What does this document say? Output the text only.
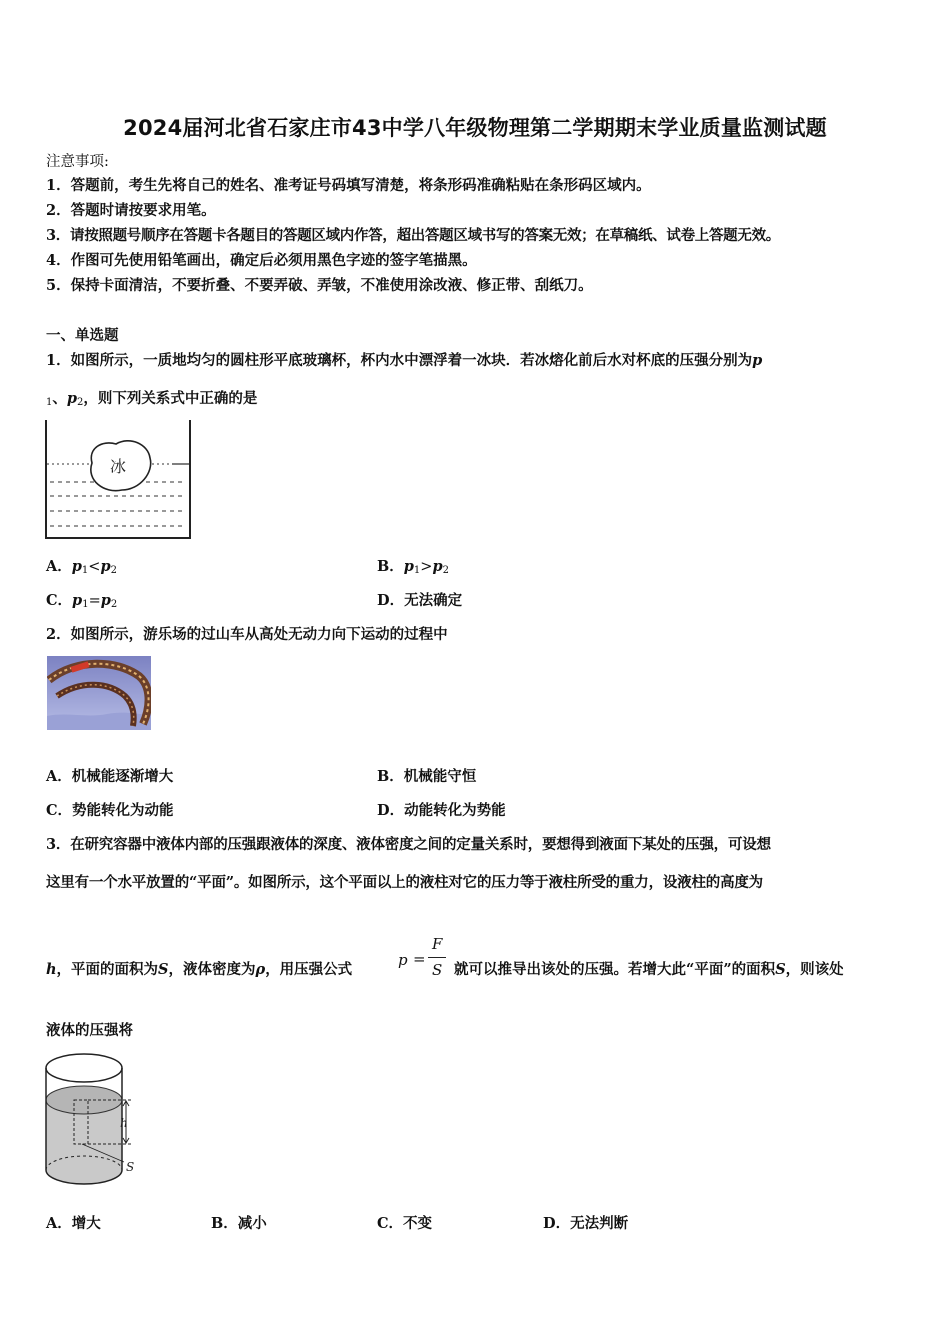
2024届河北省石家庄市43中学八年级物理第二学期期末学业质量监测试题
注意事项:
1．答题前，考生先将自己的姓名、准考证号码填写清楚，将条形码准确粘贴在条形码区域内。
2．答题时请按要求用笔。
3．请按照题号顺序在答题卡各题目的答题区域内作答，超出答题区域书写的答案无效；在草稿纸、试卷上答题无效。
4．作图可先使用铅笔画出，确定后必须用黑色字迹的签字笔描黑。
5．保持卡面清洁，不要折叠、不要弄破、弄皱，不准使用涂改液、修正带、刮纸刀。
一、单选题
1．如图所示，一质地均匀的圆柱形平底玻璃杯，杯内水中漂浮着一冰块．若冰熔化前后水对杯底的压强分别为p
$_1$、$p_2$，则下列关系式中正确的是
冰
A．$p_1<p_2$	B．$p_1>p_2$
C．$p_1=p_2$	D．无法确定
2．如图所示，游乐场的过山车从高处无动力向下运动的过程中
A．机械能逐渐增大	B．机械能守恒
C．势能转化为动能	D．动能转化为势能
3．在研究容器中液体内部的压强跟液体的深度、液体密度之间的定量关系时，要想得到液面下某处的压强，可设想
这里有一个水平放置的“平面”。如图所示，这个平面以上的液柱对它的压力等于液柱所受的重力，设液柱的高度为
h，平面的面积为S，液体密度为ρ，用压强公式
p =
F
S 就可以推导出该处的压强。若增大此“平面”的面积S，则该处
液体的压强将
h
S
A．增大	B．减小	C．不变	D．无法判断
